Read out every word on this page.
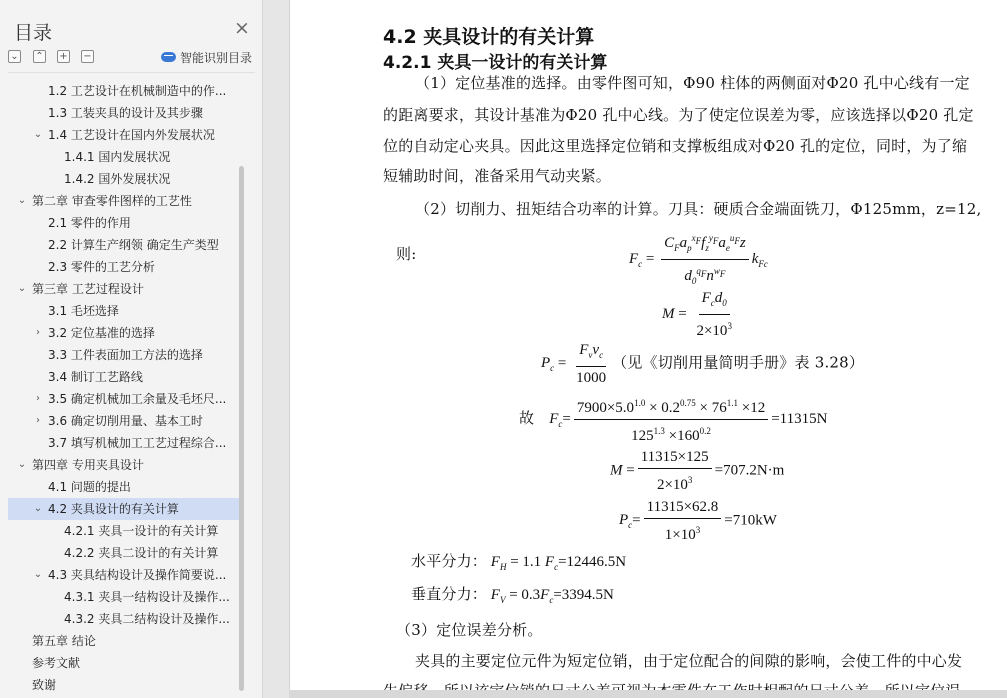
目录	×
⌄ ⌃ + −	智能识别目录
1.2 工艺设计在机械制造中的作...
1.3 工装夹具的设计及其步骤
⌄ 1.4 工艺设计在国内外发展状况
1.4.1 国内发展状况
1.4.2 国外发展状况
⌄ 第二章 审查零件图样的工艺性
2.1 零件的作用
2.2 计算生产纲领 确定生产类型
2.3 零件的工艺分析
⌄ 第三章 工艺过程设计
3.1 毛坯选择
› 3.2 定位基准的选择
3.3 工件表面加工方法的选择
3.4 制订工艺路线
› 3.5 确定机械加工余量及毛坯尺...
› 3.6 确定切削用量、基本工时
3.7 填写机械加工工艺过程综合...
⌄ 第四章 专用夹具设计
4.1 问题的提出
⌄ 4.2 夹具设计的有关计算
4.2.1 夹具一设计的有关计算
4.2.2 夹具二设计的有关计算
⌄ 4.3 夹具结构设计及操作简要说...
4.3.1 夹具一结构设计及操作...
4.3.2 夹具二结构设计及操作...
第五章 结论
参考文献
致谢
4.2 夹具设计的有关计算
4.2.1 夹具一设计的有关计算
（1）定位基准的选择。由零件图可知，Φ90 柱体的两侧面对Φ20 孔中心线有一定
的距离要求，其设计基准为Φ20 孔中心线。为了使定位误差为零，应该选择以Φ20 孔定
位的自动定心夹具。因此这里选择定位销和支撑板组成对Φ20 孔的定位，同时，为了缩
短辅助时间，准备采用气动夹紧。
（2）切削力、扭矩结合功率的计算。刀具：硬质合金端面铣刀，Φ125mm，z=12,
则:	$F_c = \frac{C_Fa_p^{x_F}f_z^{y_F}a_e^{u_F}z}{d_0^{q_F}n^{w_F}} k_{Fc}$
$M = \frac{F_cd_0}{2\times 10^3}$
$P_c = \frac{F_vv_c}{1000}$ （见《切削用量简明手册》表 3.28）
故 $F_c= \frac{7900\times 5.0^{1.0} \times 0.2^{0.75} \times 76^{1.1} \times 12}{125^{1.3} \times 160^{0.2}} =11315N$
$M = \frac{11315\times 125}{2\times 10^3} =707.2N\cdot m$
$P_c= \frac{11315\times 62.8}{1\times 10^3} =710kW$
水平分力： $F_H = 1.1$ $F_c=12446.5N$
垂直分力： $F_V = 0.3F_c=3394.5N$
（3）定位误差分析。
夹具的主要定位元件为短定位销，由于定位配合的间隙的影响，会使工件的中心发
